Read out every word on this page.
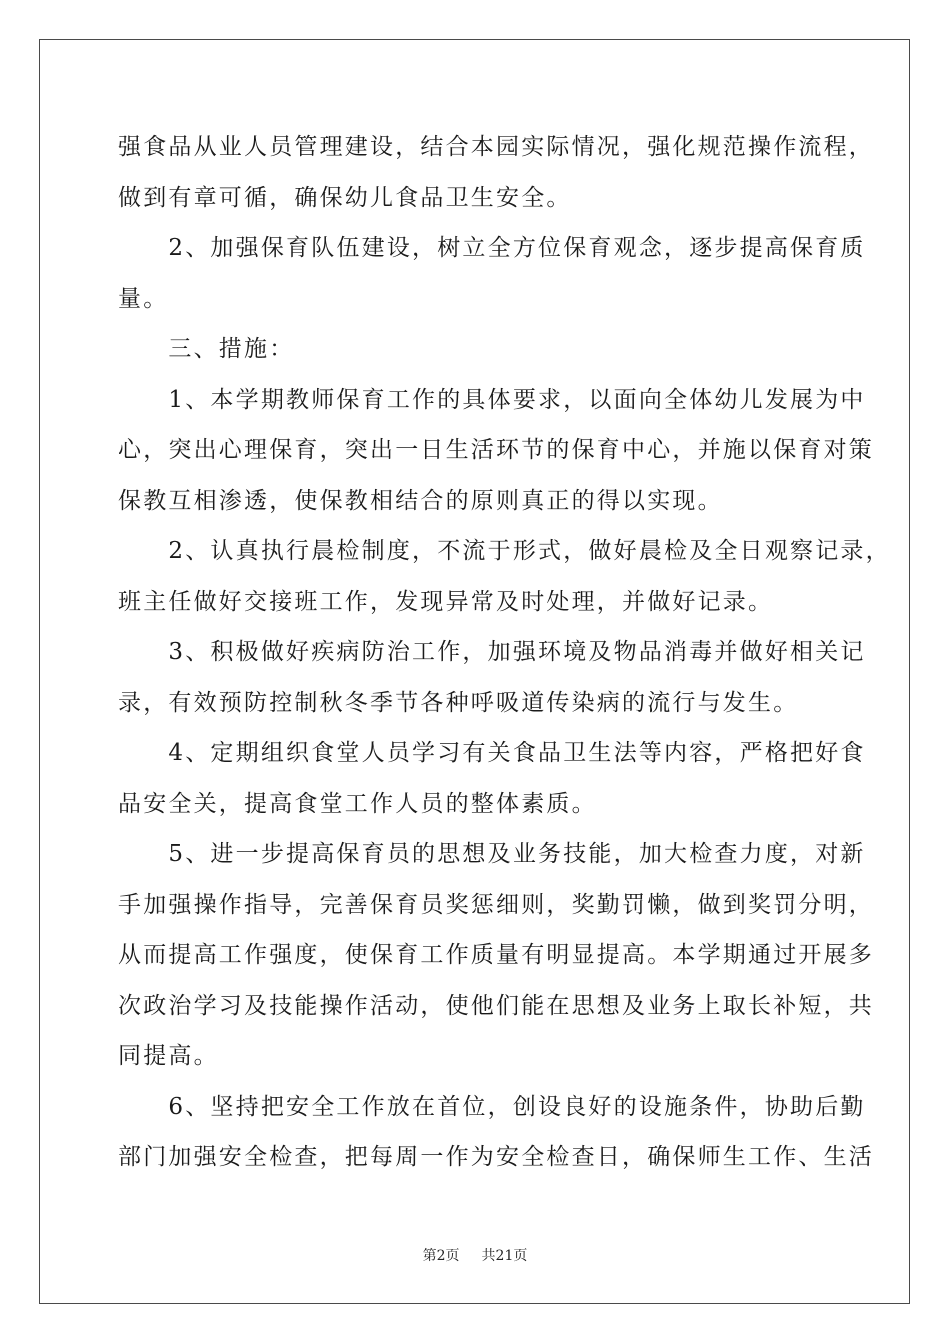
强食品从业人员管理建设，结合本园实际情况，强化规范操作流程，
做到有章可循，确保幼儿食品卫生安全。
　　2、加强保育队伍建设，树立全方位保育观念，逐步提高保育质
量。
　　三、措施：
　　1、本学期教师保育工作的具体要求，以面向全体幼儿发展为中
心，突出心理保育，突出一日生活环节的保育中心，并施以保育对策
保教互相渗透，使保教相结合的原则真正的得以实现。
　　2、认真执行晨检制度，不流于形式，做好晨检及全日观察记录，
班主任做好交接班工作，发现异常及时处理，并做好记录。
　　3、积极做好疾病防治工作，加强环境及物品消毒并做好相关记
录，有效预防控制秋冬季节各种呼吸道传染病的流行与发生。
　　4、定期组织食堂人员学习有关食品卫生法等内容，严格把好食
品安全关，提高食堂工作人员的整体素质。
　　5、进一步提高保育员的思想及业务技能，加大检查力度，对新
手加强操作指导，完善保育员奖惩细则，奖勤罚懒，做到奖罚分明，
从而提高工作强度，使保育工作质量有明显提高。本学期通过开展多
次政治学习及技能操作活动，使他们能在思想及业务上取长补短，共
同提高。
　　6、坚持把安全工作放在首位，创设良好的设施条件，协助后勤
部门加强安全检查，把每周一作为安全检查日，确保师生工作、生活
第2页 共21页
